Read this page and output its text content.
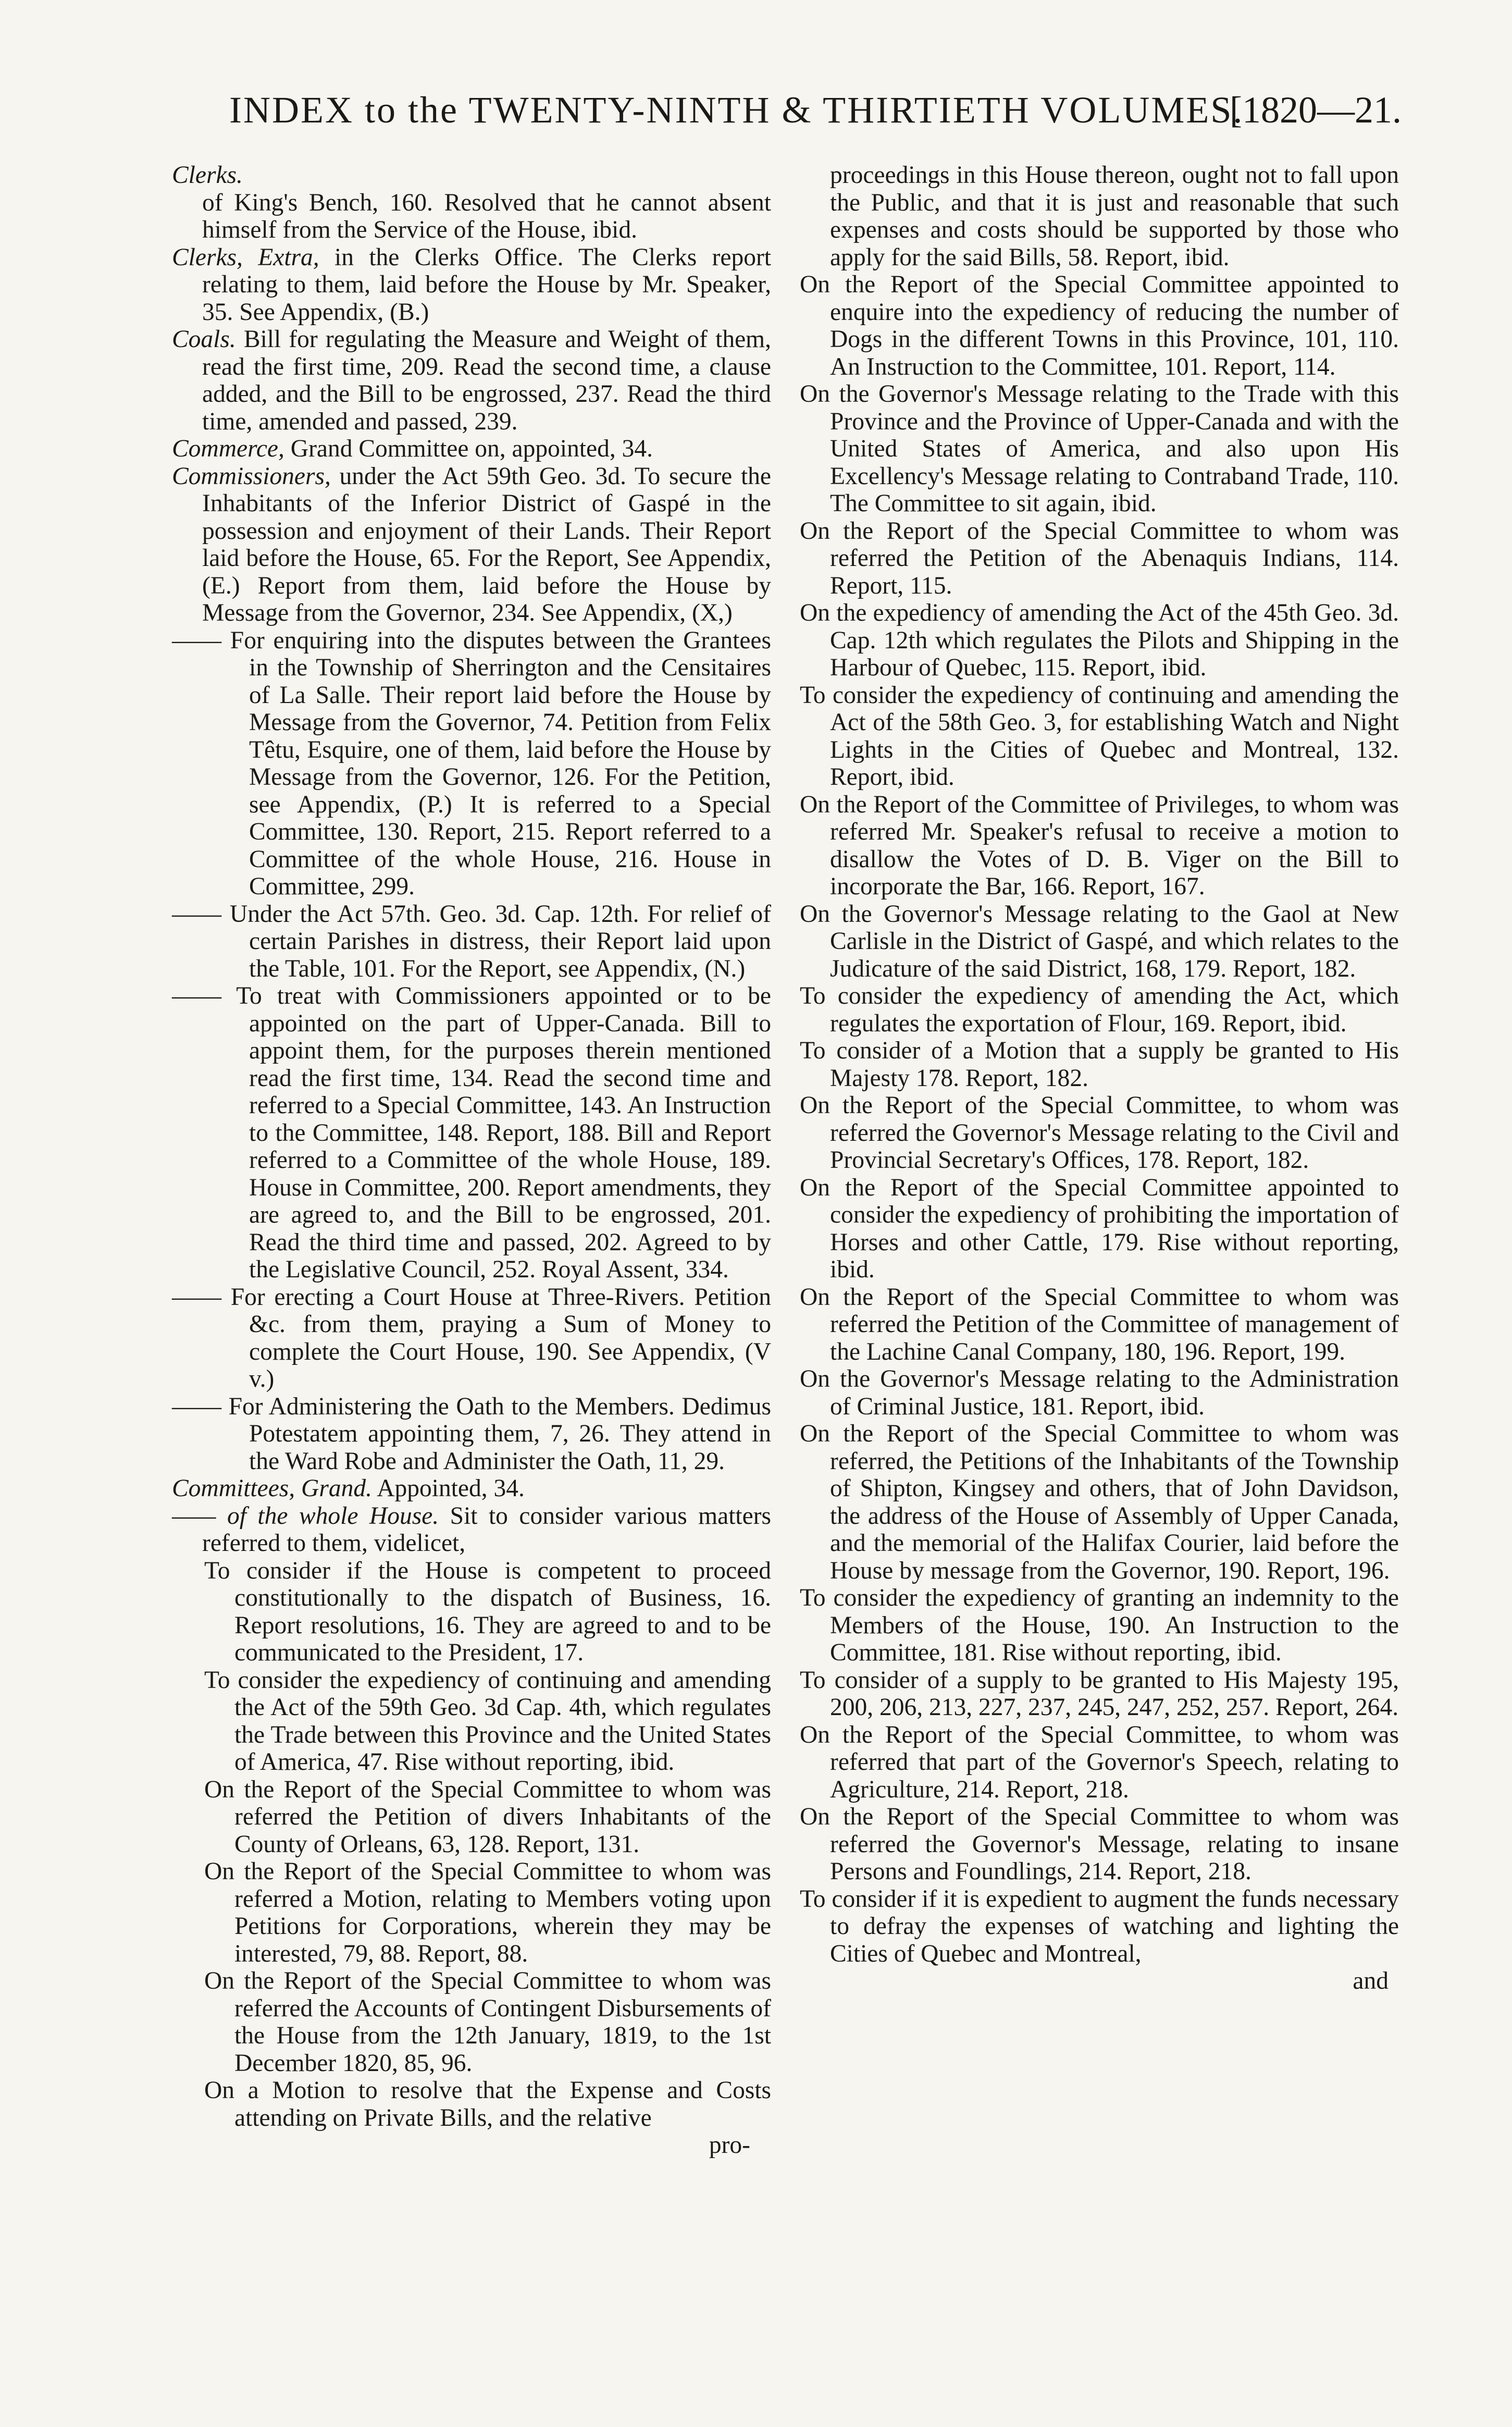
INDEX to the TWENTY-NINTH & THIRTIETH VOLUMES.
[1820—21.
Clerks.
of King's Bench, 160. Resolved that he cannot absent himself from the Service of the House, ibid.
Clerks, Extra, in the Clerks Office. The Clerks report relating to them, laid before the House by Mr. Speaker, 35. See Appendix, (B.)
Coals. Bill for regulating the Measure and Weight of them, read the first time, 209. Read the second time, a clause added, and the Bill to be engrossed, 237. Read the third time, amended and passed, 239.
Commerce, Grand Committee on, appointed, 34.
Commissioners, under the Act 59th Geo. 3d. To secure the Inhabitants of the Inferior District of Gaspé in the possession and enjoyment of their Lands. Their Report laid before the House, 65. For the Report, See Appendix, (E.) Report from them, laid before the House by Message from the Governor, 234. See Appendix, (X,)
—— For enquiring into the disputes between the Grantees in the Township of Sherrington and the Censitaires of La Salle. Their report laid before the House by Message from the Governor, 74. Petition from Felix Têtu, Esquire, one of them, laid before the House by Message from the Governor, 126. For the Petition, see Appendix, (P.) It is referred to a Special Committee, 130. Report, 215. Report referred to a Committee of the whole House, 216. House in Committee, 299.
—— Under the Act 57th. Geo. 3d. Cap. 12th. For relief of certain Parishes in distress, their Report laid upon the Table, 101. For the Report, see Appendix, (N.)
—— To treat with Commissioners appointed or to be appointed on the part of Upper-Canada. Bill to appoint them, for the purposes therein mentioned read the first time, 134. Read the second time and referred to a Special Committee, 143. An Instruction to the Committee, 148. Report, 188. Bill and Report referred to a Committee of the whole House, 189. House in Committee, 200. Report amendments, they are agreed to, and the Bill to be engrossed, 201. Read the third time and passed, 202. Agreed to by the Legislative Council, 252. Royal Assent, 334.
—— For erecting a Court House at Three-Rivers. Petition &c. from them, praying a Sum of Money to complete the Court House, 190. See Appendix, (V v.)
—— For Administering the Oath to the Members. Dedimus Potestatem appointing them, 7, 26. They attend in the Ward Robe and Administer the Oath, 11, 29.
Committees, Grand. Appointed, 34.
—— of the whole House. Sit to consider various matters referred to them, videlicet,
To consider if the House is competent to proceed constitutionally to the dispatch of Business, 16. Report resolutions, 16. They are agreed to and to be communicated to the President, 17.
To consider the expediency of continuing and amending the Act of the 59th Geo. 3d Cap. 4th, which regulates the Trade between this Province and the United States of America, 47. Rise without reporting, ibid.
On the Report of the Special Committee to whom was referred the Petition of divers Inhabitants of the County of Orleans, 63, 128. Report, 131.
On the Report of the Special Committee to whom was referred a Motion, relating to Members voting upon Petitions for Corporations, wherein they may be interested, 79, 88. Report, 88.
On the Report of the Special Committee to whom was referred the Accounts of Contingent Disbursements of the House from the 12th January, 1819, to the 1st December 1820, 85, 96.
On a Motion to resolve that the Expense and Costs attending on Private Bills, and the relative
pro-
proceedings in this House thereon, ought not to fall upon the Public, and that it is just and reasonable that such expenses and costs should be supported by those who apply for the said Bills, 58. Report, ibid.
On the Report of the Special Committee appointed to enquire into the expediency of reducing the number of Dogs in the different Towns in this Province, 101, 110. An Instruction to the Committee, 101. Report, 114.
On the Governor's Message relating to the Trade with this Province and the Province of Upper-Canada and with the United States of America, and also upon His Excellency's Message relating to Contraband Trade, 110. The Committee to sit again, ibid.
On the Report of the Special Committee to whom was referred the Petition of the Abenaquis Indians, 114. Report, 115.
On the expediency of amending the Act of the 45th Geo. 3d. Cap. 12th which regulates the Pilots and Shipping in the Harbour of Quebec, 115. Report, ibid.
To consider the expediency of continuing and amending the Act of the 58th Geo. 3, for establishing Watch and Night Lights in the Cities of Quebec and Montreal, 132. Report, ibid.
On the Report of the Committee of Privileges, to whom was referred Mr. Speaker's refusal to receive a motion to disallow the Votes of D. B. Viger on the Bill to incorporate the Bar, 166. Report, 167.
On the Governor's Message relating to the Gaol at New Carlisle in the District of Gaspé, and which relates to the Judicature of the said District, 168, 179. Report, 182.
To consider the expediency of amending the Act, which regulates the exportation of Flour, 169. Report, ibid.
To consider of a Motion that a supply be granted to His Majesty 178. Report, 182.
On the Report of the Special Committee, to whom was referred the Governor's Message relating to the Civil and Provincial Secretary's Offices, 178. Report, 182.
On the Report of the Special Committee appointed to consider the expediency of prohibiting the importation of Horses and other Cattle, 179. Rise without reporting, ibid.
On the Report of the Special Committee to whom was referred the Petition of the Committee of management of the Lachine Canal Company, 180, 196. Report, 199.
On the Governor's Message relating to the Administration of Criminal Justice, 181. Report, ibid.
On the Report of the Special Committee to whom was referred, the Petitions of the Inhabitants of the Township of Shipton, Kingsey and others, that of John Davidson, the address of the House of Assembly of Upper Canada, and the memorial of the Halifax Courier, laid before the House by message from the Governor, 190. Report, 196.
To consider the expediency of granting an indemnity to the Members of the House, 190. An Instruction to the Committee, 181. Rise without reporting, ibid.
To consider of a supply to be granted to His Majesty 195, 200, 206, 213, 227, 237, 245, 247, 252, 257. Report, 264.
On the Report of the Special Committee, to whom was referred that part of the Governor's Speech, relating to Agriculture, 214. Report, 218.
On the Report of the Special Committee to whom was referred the Governor's Message, relating to insane Persons and Foundlings, 214. Report, 218.
To consider if it is expedient to augment the funds necessary to defray the expenses of watching and lighting the Cities of Quebec and Montreal,
and
